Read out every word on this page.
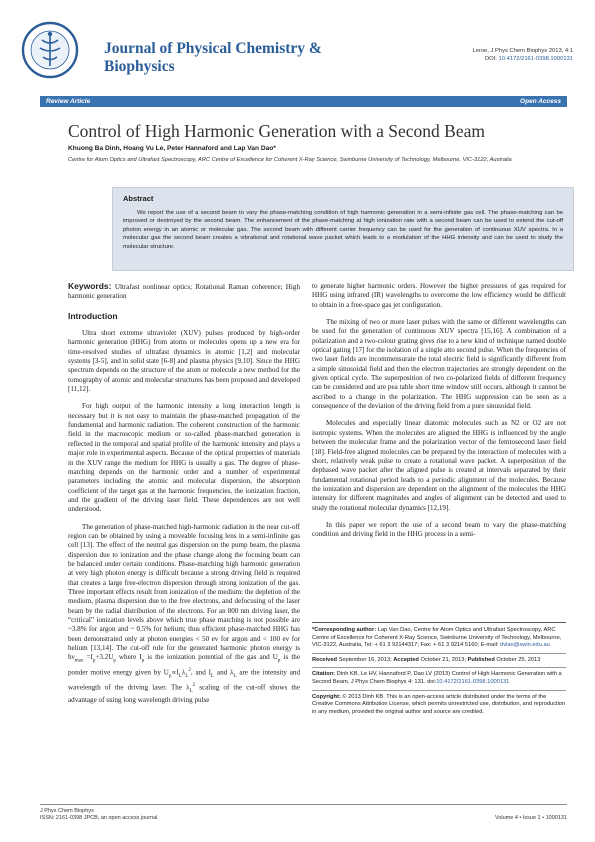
Journal of Physical Chemistry &
Biophysics
Leroe, J Phys Chem Biophys 2013, 4:1
DOI: 10.4172/2161-0398.1000131
Review Article	Open Access
Control of High Harmonic Generation with a Second Beam
Khuong Ba Dinh, Hoang Vu Le, Peter Hannaford and Lap Van Dao*
Centre for Atom Optics and Ultrafast Spectroscopy, ARC Centre of Excellence for Coherent X-Ray Science, Swinburne University of Technology, Melbourne, VIC-3122, Australia
Abstract

We report the use of a second beam to vary the phase-matching condition of high harmonic generation in a semi-infinite gas cell. The phase-matching can be improved or destroyed by the second beam. The enhancement of the phase-matching at high ionization rate with a second beam can be used to extend the cut-off photon energy in an atomic or molecular gas. The second beam with different carrier frequency can be used for the generation of continuous XUV spectra. In a molecular gas the second beam creates a vibrational and rotational wave packet which leads to a modulation of the HHG intensity and can be used to study the molecular structure.

Keywords: Ultrafast nonlinear optics; Rotational Raman coherence; High harmonic generation
Introduction

Ultra short extreme ultraviolet (XUV) pulses produced by high-order harmonic generation (HHG) from atoms or molecules opens up a new era for time-resolved studies of ultrafast dynamics in atomic [1,2] and molecular systems [3-5], and in solid state [6-8] and plasma physics [9,10]. Since the HHG spectrum depends on the structure of the atom or molecule a new method for the tomography of atomic and molecular structures has been proposed and developed [11,12].

For high output of the harmonic intensity a long interaction length is necessary but it is not easy to maintain the phase-matched propagation of the fundamental and harmonic radiation. The coherent construction of the harmonic field in the macroscopic medium or so-called phase-matched generation is reflected in the temporal and spatial profile of the harmonic intensity and plays a major role in experimental aspects. Because of the optical properties of materials in the XUV range the medium for HHG is usually a gas. The degree of phase-matching depends on the harmonic order and a number of experimental parameters including the atomic and molecular dispersion, the absorption coefficient of the target gas at the harmonic frequencies, the ionization fraction, and the gradient of the driving laser field. These dependences are not well understood.

The generation of phase-matched high-harmonic radiation in the near cut-off region can be obtained by using a moveable focusing lens in a semi-infinite gas cell [13]. The effect of the neutral gas dispersion on the pump beam, the plasma dispersion due to ionization and the phase change along the focusing beam can be balanced under certain conditions. Phase-matching high harmonic generation at very high photon energy is difficult because a strong driving field is required that creates a large free-electron dispersion through strong ionization of the gas. Three important effects result from ionization of the medium: the depletion of the medium, plasma dispersion due to the free electrons, and defocusing of the laser beam by the radial distribution of the electrons. For an 800 nm driving laser, the “critical” ionization levels above which true phase matching is not possible are ~3.8% for argon and ~ 0.5% for helium; thus efficient phase-matched HHG has been demonstrated only at photon energies < 50 ev for argon and < 100 ev for helium [13,14]. The cut-off rule for the generated harmonic photon energy is $h\nu_{max} =I_p+3.2U_p$ where $I_p$ is the ionization potential of the gas and $U_p$ is the ponder motive energy given by $U_p\propto I_L\lambda_L^2$, and $I_L$ and $\lambda_L$ are the intensity and wavelength of the driving laser. The $\lambda_L^2$ scaling of the cut-off shows the advantage of using long wavelength driving pulse

to generate higher harmonic orders. However the higher pressures of gas required for HHG using infrared (IR) wavelengths to overcome the low efficiency would be difficult to obtain in a free-space gas jet configuration.

The mixing of two or more laser pulses with the same or different wavelengths can be used for the generation of continuous XUV spectra [15,16]. A combination of a polarization and a two-colour grating gives rise to a new kind of technique named double optical gating [17] for the isolation of a single atto second pulse. When the frequencies of two laser fields are incommensurate the total electric field is significantly different from a simple sinusoidal field and then the electron trajectories are strongly dependent on the given optical cycle. The superposition of two co-polarized fields of different frequency can be considered and are pea table short time window still occurs, although it cannot be ascribed to a change in the polarization. The HHG suppression can be seen as a consequence of the deviation of the driving field from a pure sinusoidal field.

Molecules and especially linear diatomic molecules such as N2 or O2 are not isotropic systems. When the molecules are aligned the HHG is influenced by the angle between the molecular frame and the polarization vector of the femtosecond laser field [18]. Field-free aligned molecules can be prepared by the interaction of molecules with a short, relatively weak pulse to create a rotational wave packet. A superposition of the dephased wave packet after the aligned pulse is created at intervals separated by their fundamental rotational period leads to a periodic alignment of the molecules. Because the ionization and dispersion are dependent on the alignment of the molecules the HHG intensity for different magnitudes and angles of alignment can be detected and used to study the rotational molecular dynamics [12,19].

In this paper we report the use of a second beam to vary the phase-matching condition and driving field in the HHG process in a semi-

*Corresponding author: Lap Van Dao, Centre for Atom Optics and Ultrafast Spectroscopy, ARC Centre of Excellence for Coherent X-Ray Science, Swinburne University of Technology, Melbourne, VIC-3122, Australia, Tel: + 61 3 92144317; Fax: + 61 3 9214 5160; E-mail: dvlao@swin.edu.au
Received September 16, 2013; Accepted October 21, 2013; Published October 25, 2013
Citation: Dinh KB, Le HV, Hannaford P, Dao LV (2013) Control of High Harmonic Generation with a Second Beam. J Phys Chem Biophys 4: 131. doi:10.4172/2161-0398.1000131
Copyright: © 2013 Dinh KB. This is an open-access article distributed under the terms of the Creative Commons Attribution License, which permits unrestricted use, distribution, and reproduction in any medium, provided the original author and source are credited.
J Phys Chem Biophys
ISSN: 2161-0398 JPCB, an open access journal	Volume 4 • Issue 1 • 1000131
